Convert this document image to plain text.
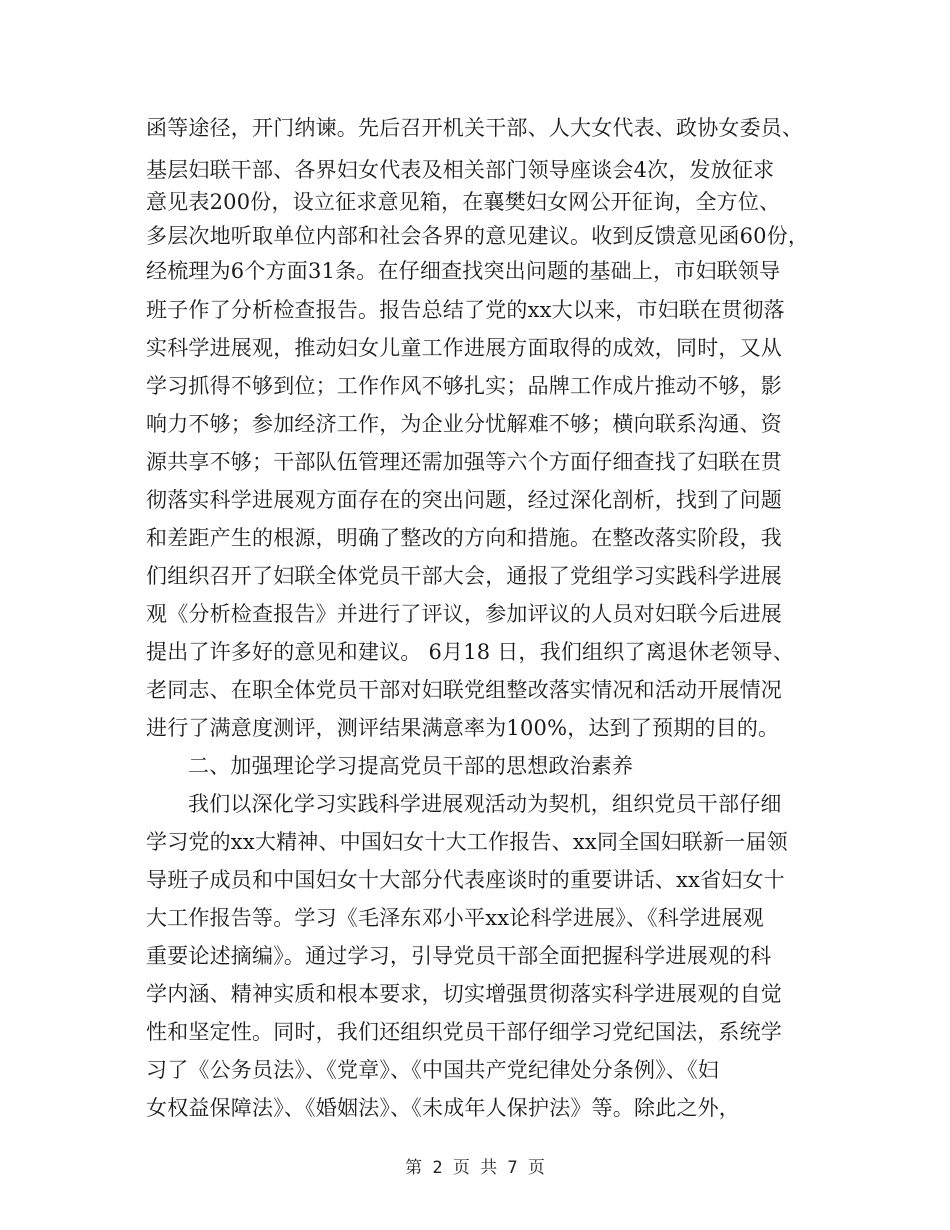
函等途径，开门纳谏。先后召开机关干部、人大女代表、政协女委员、
基层妇联干部、各界妇女代表及相关部门领导座谈会4次，发放征求
意见表200份，设立征求意见箱，在襄樊妇女网公开征询，全方位、
多层次地听取单位内部和社会各界的意见建议。收到反馈意见函60份，
经梳理为6个方面31条。在仔细查找突出问题的基础上，市妇联领导
班子作了分析检查报告。报告总结了党的xx大以来，市妇联在贯彻落
实科学进展观，推动妇女儿童工作进展方面取得的成效，同时，又从
学习抓得不够到位；工作作风不够扎实；品牌工作成片推动不够，影
响力不够；参加经济工作，为企业分忧解难不够；横向联系沟通、资
源共享不够；干部队伍管理还需加强等六个方面仔细查找了妇联在贯
彻落实科学进展观方面存在的突出问题，经过深化剖析，找到了问题
和差距产生的根源，明确了整改的方向和措施。在整改落实阶段，我
们组织召开了妇联全体党员干部大会，通报了党组学习实践科学进展
观《分析检查报告》并进行了评议，参加评议的人员对妇联今后进展
提出了许多好的意见和建议。 6月18 日，我们组织了离退休老领导、
老同志、在职全体党员干部对妇联党组整改落实情况和活动开展情况
进行了满意度测评，测评结果满意率为100%，达到了预期的目的。
二、加强理论学习提高党员干部的思想政治素养
我们以深化学习实践科学进展观活动为契机，组织党员干部仔细
学习党的xx大精神、中国妇女十大工作报告、xx同全国妇联新一届领
导班子成员和中国妇女十大部分代表座谈时的重要讲话、xx省妇女十
大工作报告等。学习《毛泽东邓小平xx论科学进展》、《科学进展观
重要论述摘编》。通过学习，引导党员干部全面把握科学进展观的科
学内涵、精神实质和根本要求，切实增强贯彻落实科学进展观的自觉
性和坚定性。同时，我们还组织党员干部仔细学习党纪国法，系统学
习了《公务员法》、《党章》、《中国共产党纪律处分条例》、《妇
女权益保障法》、《婚姻法》、《未成年人保护法》等。除此之外，
第 2 页 共 7 页
